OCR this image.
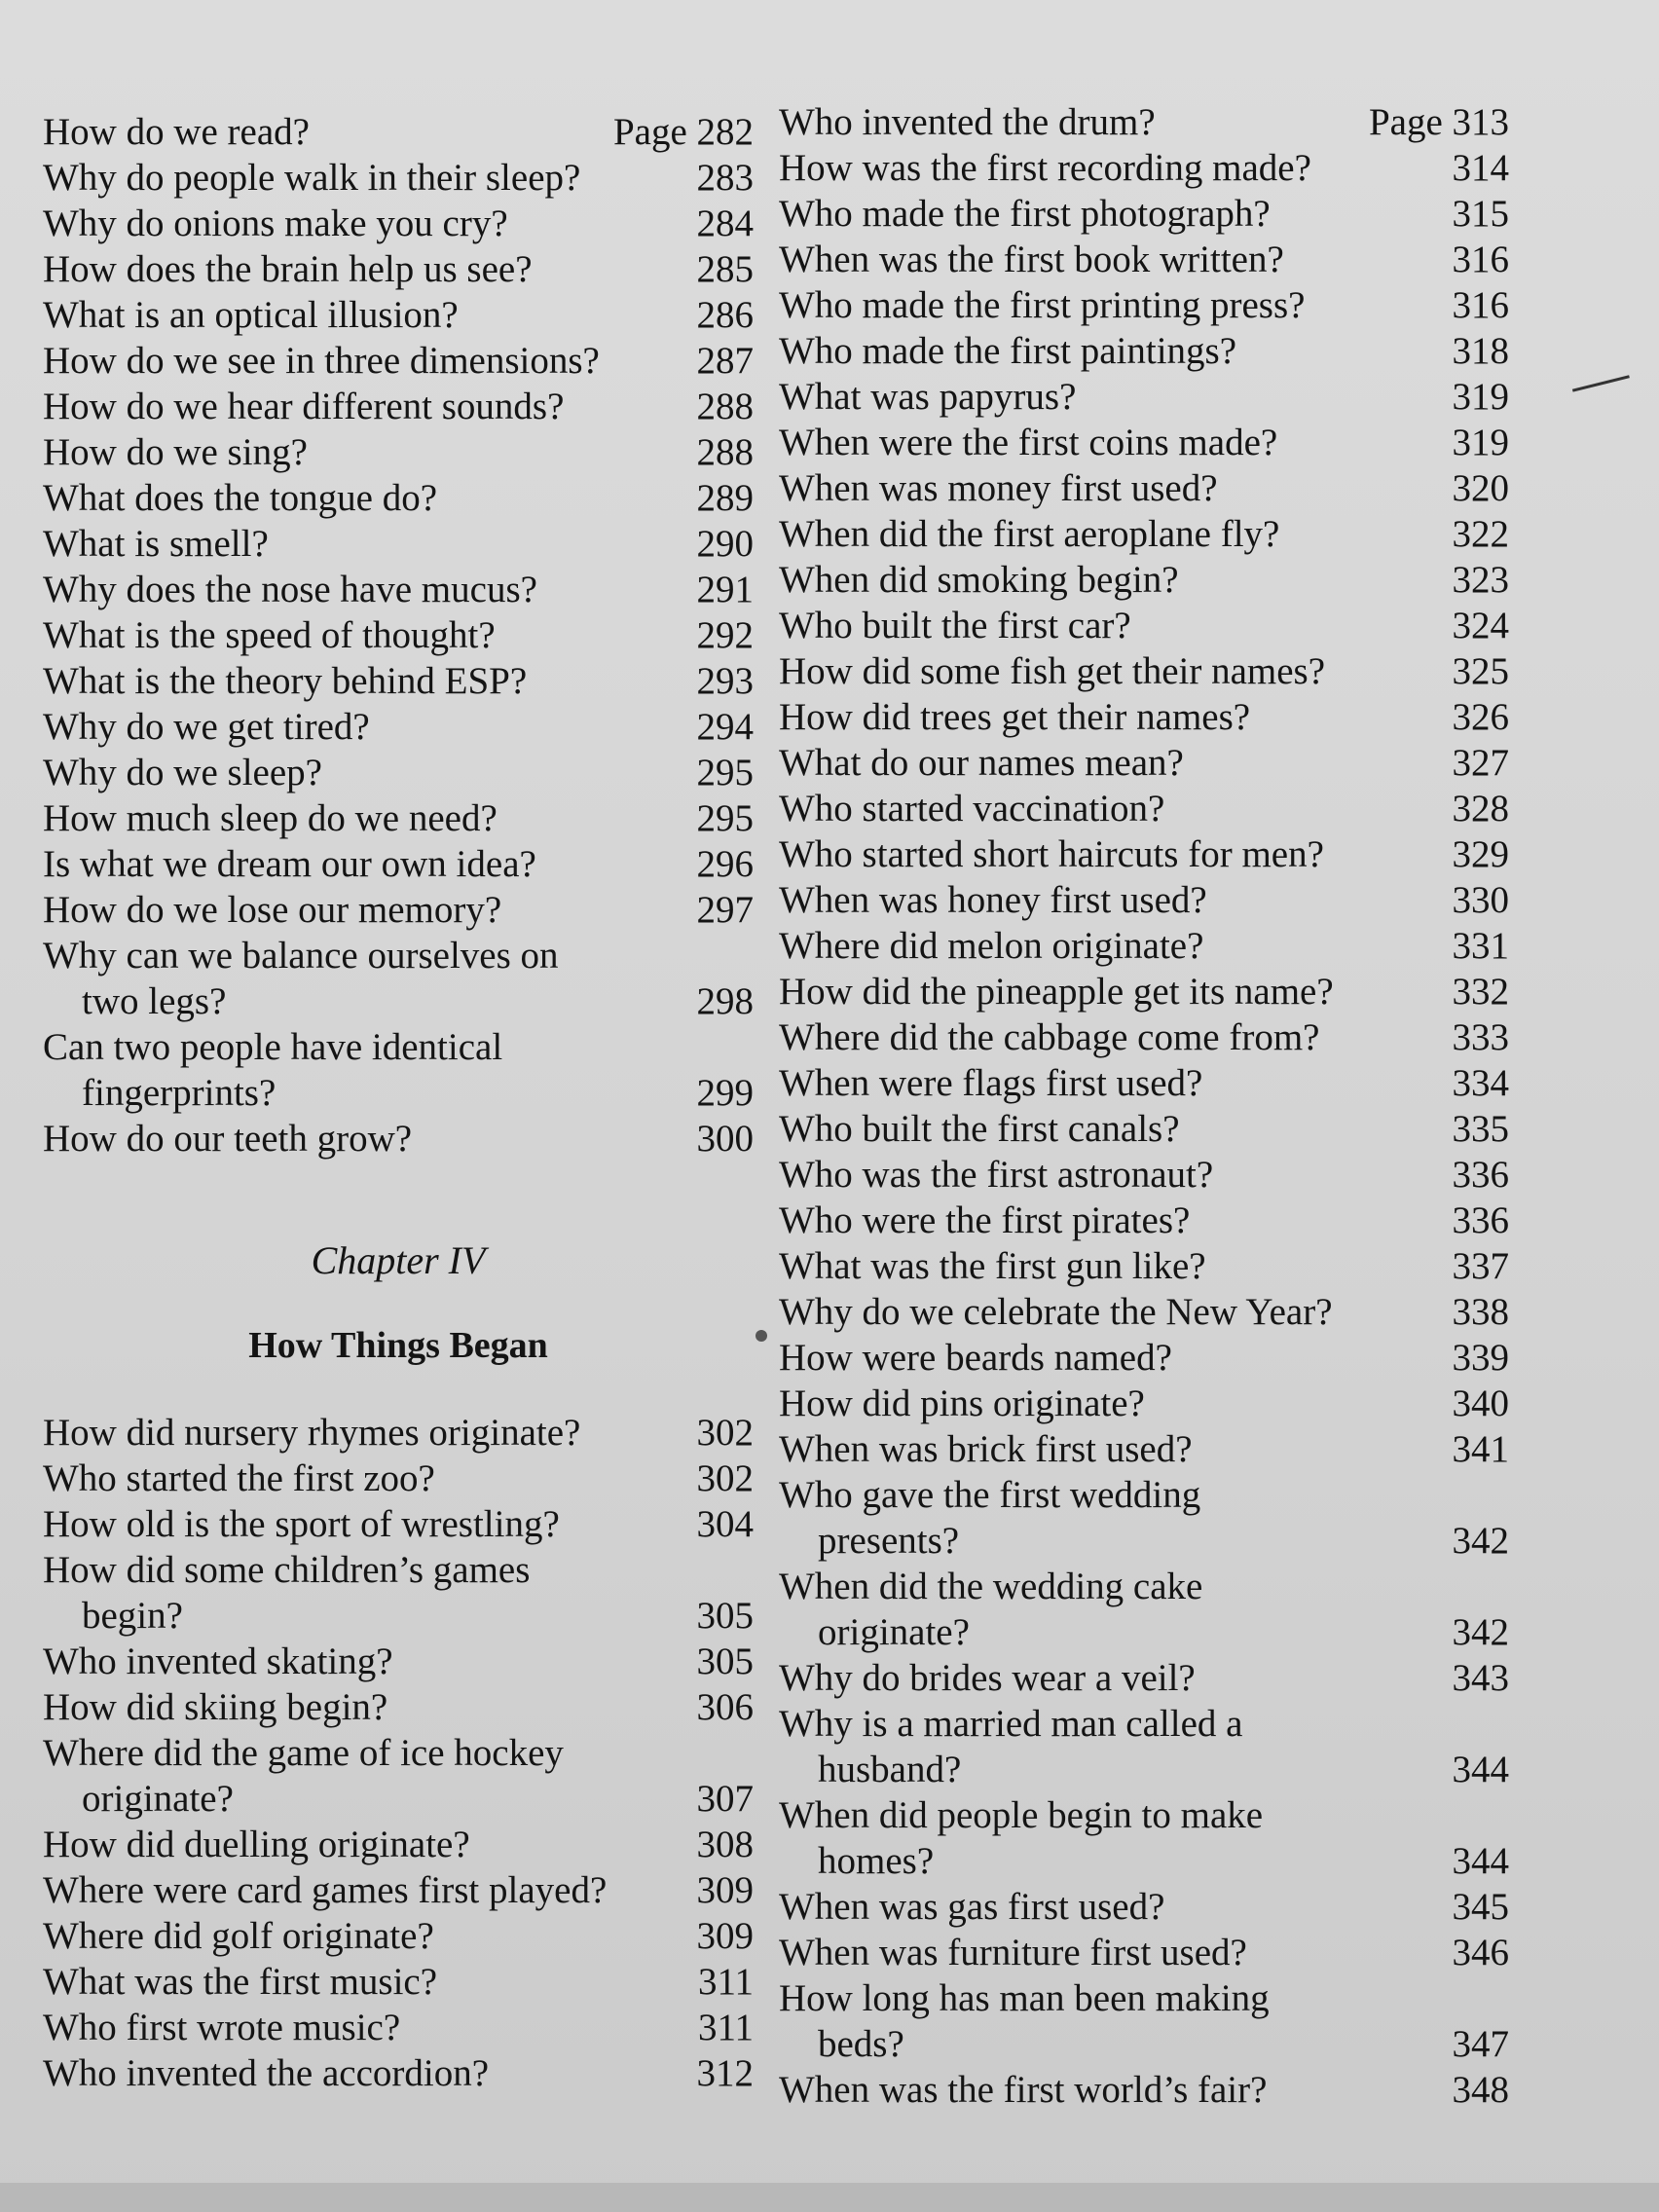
How do we read?	Page 282
Why do people walk in their sleep?	283
Why do onions make you cry?	284
How does the brain help us see?	285
What is an optical illusion?	286
How do we see in three dimensions?	287
How do we hear different sounds?	288
How do we sing?	288
What does the tongue do?	289
What is smell?	290
Why does the nose have mucus?	291
What is the speed of thought?	292
What is the theory behind ESP?	293
Why do we get tired?	294
Why do we sleep?	295
How much sleep do we need?	295
Is what we dream our own idea?	296
How do we lose our memory?	297
Why can we balance ourselves on
two legs?	298
Can two people have identical
fingerprints?	299
How do our teeth grow?	300
Chapter IV
How Things Began
How did nursery rhymes originate?	302
Who started the first zoo?	302
How old is the sport of wrestling?	304
How did some children’s games
begin?	305
Who invented skating?	305
How did skiing begin?	306
Where did the game of ice hockey
originate?	307
How did duelling originate?	308
Where were card games first played?	309
Where did golf originate?	309
What was the first music?	311
Who first wrote music?	311
Who invented the accordion?	312
Who invented the drum?	Page 313
How was the first recording made?	314
Who made the first photograph?	315
When was the first book written?	316
Who made the first printing press?	316
Who made the first paintings?	318
What was papyrus?	319
When were the first coins made?	319
When was money first used?	320
When did the first aeroplane fly?	322
When did smoking begin?	323
Who built the first car?	324
How did some fish get their names?	325
How did trees get their names?	326
What do our names mean?	327
Who started vaccination?	328
Who started short haircuts for men?	329
When was honey first used?	330
Where did melon originate?	331
How did the pineapple get its name?	332
Where did the cabbage come from?	333
When were flags first used?	334
Who built the first canals?	335
Who was the first astronaut?	336
Who were the first pirates?	336
What was the first gun like?	337
Why do we celebrate the New Year?	338
How were beards named?	339
How did pins originate?	340
When was brick first used?	341
Who gave the first wedding
presents?	342
When did the wedding cake
originate?	342
Why do brides wear a veil?	343
Why is a married man called a
husband?	344
When did people begin to make
homes?	344
When was gas first used?	345
When was furniture first used?	346
How long has man been making
beds?	347
When was the first world’s fair?	348
